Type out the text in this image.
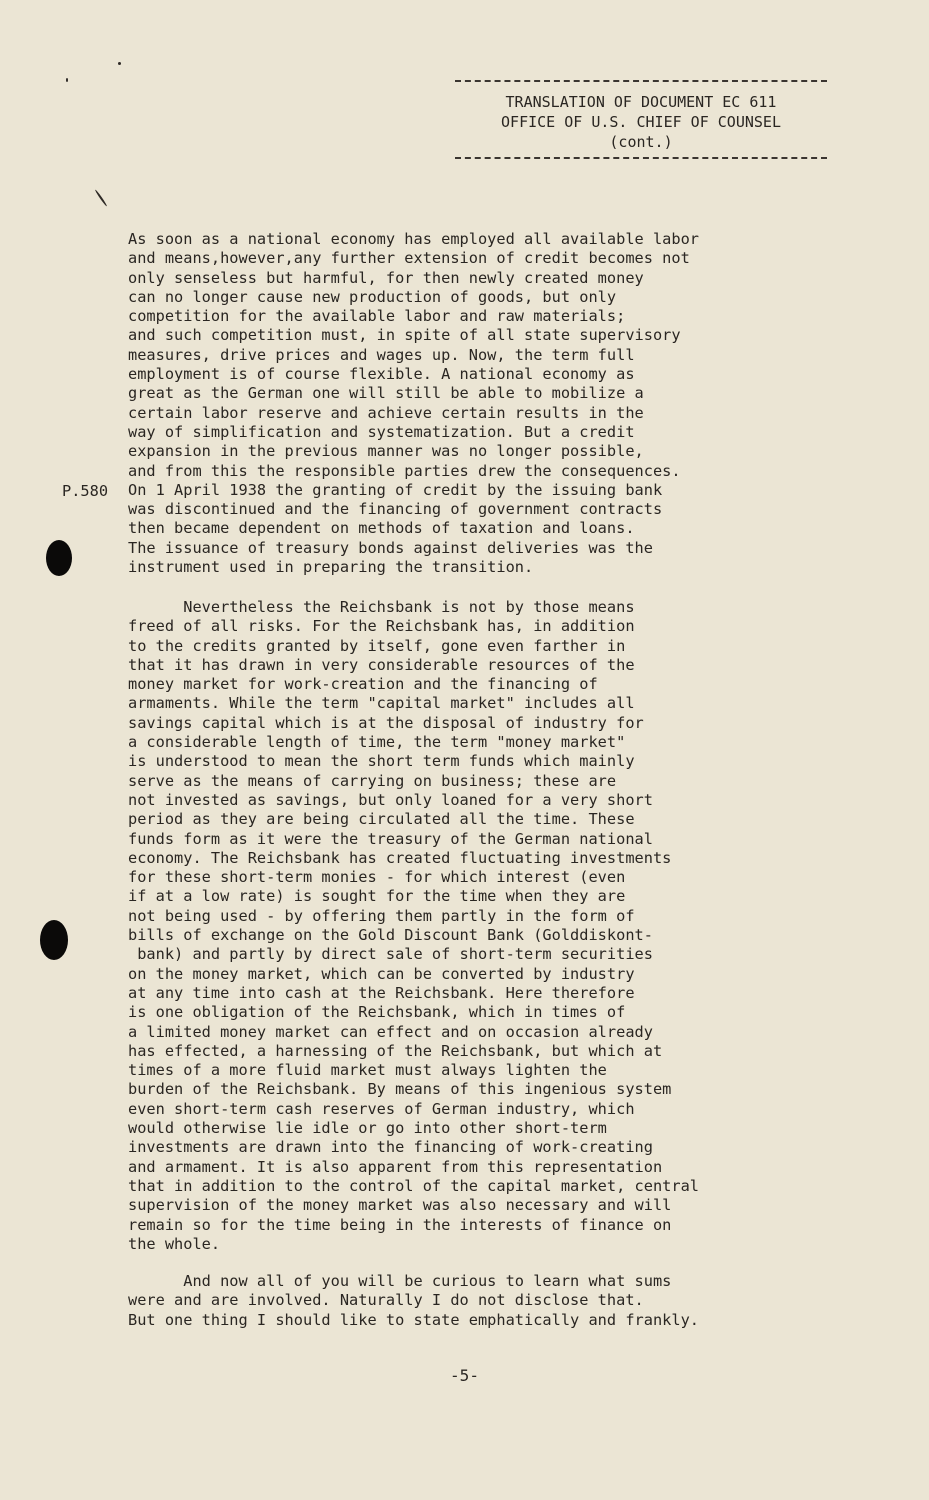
TRANSLATION OF DOCUMENT EC 611
OFFICE OF U.S. CHIEF OF COUNSEL
(cont.)
P.580
As soon as a national economy has employed all available labor
and means,however,any further extension of credit becomes not
only senseless but harmful, for then newly created money
can no longer cause new production of goods, but only
competition for the available labor and raw materials;
and such competition must, in spite of all state supervisory
measures, drive prices and wages up. Now, the term full
employment is of course flexible. A national economy as
great as the German one will still be able to mobilize a
certain labor reserve and achieve certain results in the
way of simplification and systematization. But a credit
expansion in the previous manner was no longer possible,
and from this the responsible parties drew the consequences.
On 1 April 1938 the granting of credit by the issuing bank
was discontinued and the financing of government contracts
then became dependent on methods of taxation and loans.
The issuance of treasury bonds against deliveries was the
instrument used in preparing the transition.
Nevertheless the Reichsbank is not by those means
freed of all risks. For the Reichsbank has, in addition
to the credits granted by itself, gone even farther in
that it has drawn in very considerable resources of the
money market for work-creation and the financing of
armaments. While the term "capital market" includes all
savings capital which is at the disposal of industry for
a considerable length of time, the term "money market"
is understood to mean the short term funds which mainly
serve as the means of carrying on business; these are
not invested as savings, but only loaned for a very short
period as they are being circulated all the time. These
funds form as it were the treasury of the German national
economy. The Reichsbank has created fluctuating investments
for these short-term monies - for which interest (even
if at a low rate) is sought for the time when they are
not being used - by offering them partly in the form of
bills of exchange on the Gold Discount Bank (Golddiskont-
bank) and partly by direct sale of short-term securities
on the money market, which can be converted by industry
at any time into cash at the Reichsbank. Here therefore
is one obligation of the Reichsbank, which in times of
a limited money market can effect and on occasion already
has effected, a harnessing of the Reichsbank, but which at
times of a more fluid market must always lighten the
burden of the Reichsbank. By means of this ingenious system
even short-term cash reserves of German industry, which
would otherwise lie idle or go into other short-term
investments are drawn into the financing of work-creating
and armament. It is also apparent from this representation
that in addition to the control of the capital market, central
supervision of the money market was also necessary and will
remain so for the time being in the interests of finance on
the whole.
And now all of you will be curious to learn what sums
were and are involved. Naturally I do not disclose that.
But one thing I should like to state emphatically and frankly.
-5-
